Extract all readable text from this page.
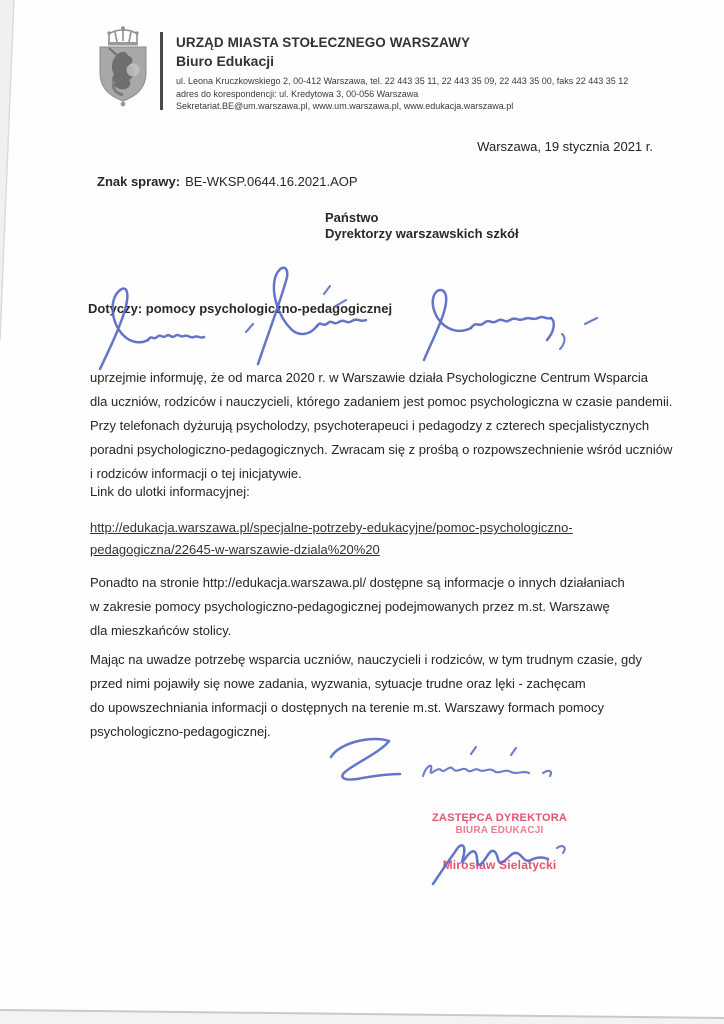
URZĄD MIASTA STOŁECZNEGO WARSZAWY
Biuro Edukacji
ul. Leona Kruczkowskiego 2, 00-412 Warszawa, tel. 22 443 35 11, 22 443 35 09, 22 443 35 00, faks 22 443 35 12
adres do korespondencji: ul. Kredytowa 3, 00-056 Warszawa
Sekretariat.BE@um.warszawa.pl, www.um.warszawa.pl, www.edukacja.warszawa.pl
Warszawa, 19 stycznia 2021 r.
Znak sprawy: BE-WKSP.0644.16.2021.AOP
Państwo
Dyrektorzy warszawskich szkół
Dotyczy: pomocy psychologiczno-pedagogicznej
uprzejmie informuję, że od marca 2020 r. w Warszawie działa Psychologiczne Centrum Wsparcia
dla uczniów, rodziców i nauczycieli, którego zadaniem jest pomoc psychologiczna w czasie pandemii.
Przy telefonach dyżurują psycholodzy, psychoterapeuci i pedagodzy z czterech specjalistycznych
poradni psychologiczno-pedagogicznych. Zwracam się z prośbą o rozpowszechnienie wśród uczniów
i rodziców informacji o tej inicjatywie.
Link do ulotki informacyjnej:
http://edukacja.warszawa.pl/specjalne-potrzeby-edukacyjne/pomoc-psychologiczno-
pedagogiczna/22645-w-warszawie-dziala%20%20
Ponadto na stronie http://edukacja.warszawa.pl/ dostępne są informacje o innych działaniach
w zakresie pomocy psychologiczno-pedagogicznej podejmowanych przez m.st. Warszawę
dla mieszkańców stolicy.
Mając na uwadze potrzebę wsparcia uczniów, nauczycieli i rodziców, w tym trudnym czasie, gdy
przed nimi pojawiły się nowe zadania, wyzwania, sytuacje trudne oraz lęki - zachęcam
do upowszechniania informacji o dostępnych na terenie m.st. Warszawy formach pomocy
psychologiczno-pedagogicznej.
ZASTĘPCA DYREKTORA
BIURA EDUKACJI
Mirosław Sielatycki
